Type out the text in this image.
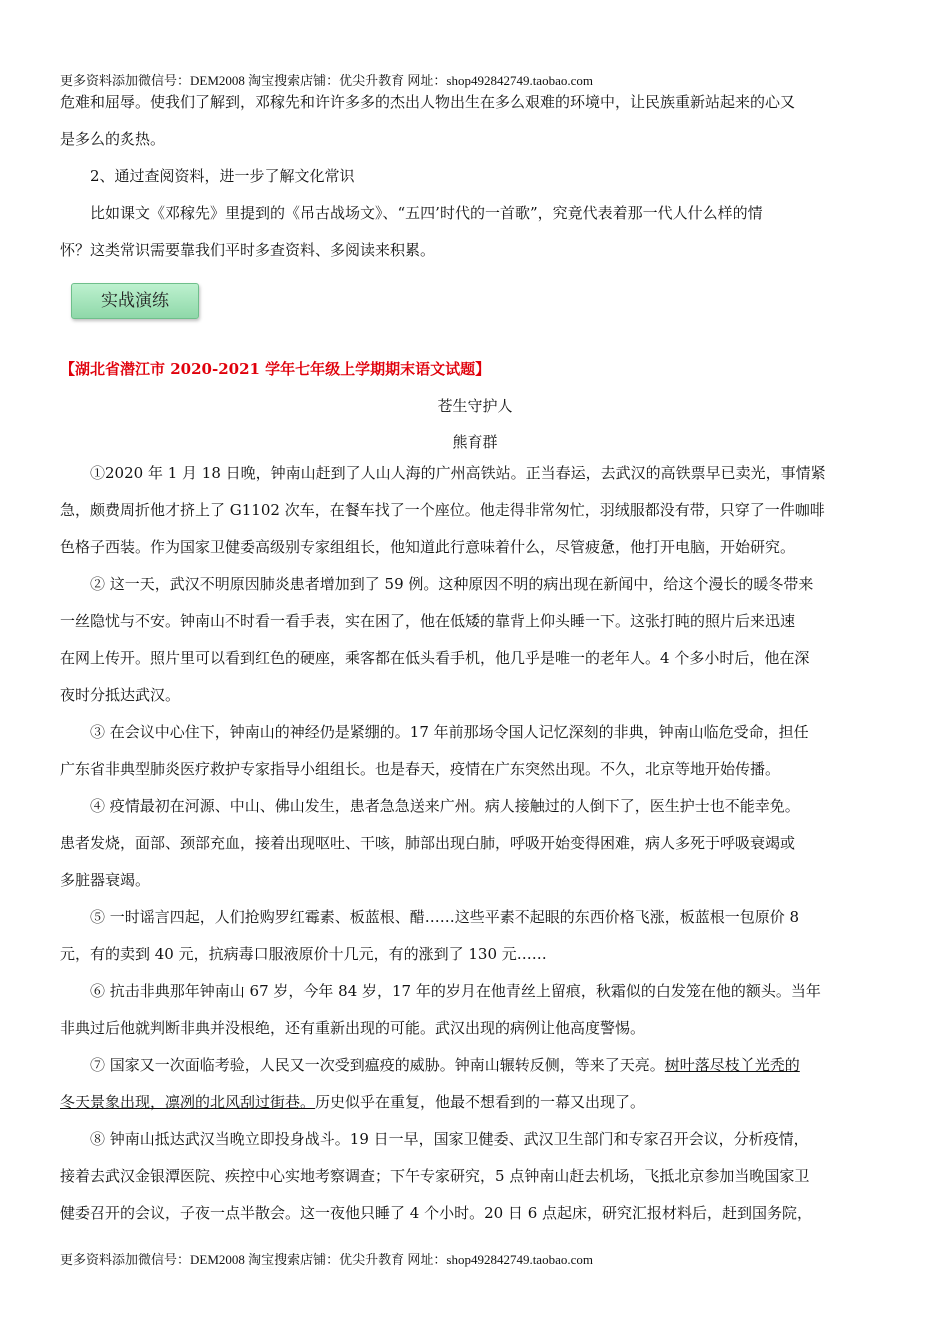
更多资料添加微信号：DEM2008 淘宝搜索店铺：优尖升教育 网址：shop492842749.taobao.com
危难和屈辱。使我们了解到，邓稼先和许许多多的杰出人物出生在多么艰难的环境中，让民族重新站起来的心又
是多么的炙热。
2、通过查阅资料，进一步了解文化常识
比如课文《邓稼先》里提到的《吊古战场文》、“五四’时代的一首歌”，究竟代表着那一代人什么样的情
怀？这类常识需要靠我们平时多查资料、多阅读来积累。
实战演练
【湖北省潜江市 2020-2021 学年七年级上学期期末语文试题】
苍生守护人
熊育群
①2020 年 1 月 18 日晚，钟南山赶到了人山人海的广州高铁站。正当春运，去武汉的高铁票早已卖光，事情紧
急，颇费周折他才挤上了 G1102 次车，在餐车找了一个座位。他走得非常匆忙，羽绒服都没有带，只穿了一件咖啡
色格子西装。作为国家卫健委高级别专家组组长，他知道此行意味着什么，尽管疲惫，他打开电脑，开始研究。
② 这一天，武汉不明原因肺炎患者增加到了 59 例。这种原因不明的病出现在新闻中，给这个漫长的暖冬带来
一丝隐忧与不安。钟南山不时看一看手表，实在困了，他在低矮的靠背上仰头睡一下。这张打盹的照片后来迅速
在网上传开。照片里可以看到红色的硬座，乘客都在低头看手机，他几乎是唯一的老年人。4 个多小时后，他在深
夜时分抵达武汉。
③ 在会议中心住下，钟南山的神经仍是紧绷的。17 年前那场令国人记忆深刻的非典，钟南山临危受命，担任
广东省非典型肺炎医疗救护专家指导小组组长。也是春天，疫情在广东突然出现。不久，北京等地开始传播。
④ 疫情最初在河源、中山、佛山发生，患者急急送来广州。病人接触过的人倒下了，医生护士也不能幸免。
患者发烧，面部、颈部充血，接着出现呕吐、干咳，肺部出现白肺，呼吸开始变得困难，病人多死于呼吸衰竭或
多脏器衰竭。
⑤ 一时谣言四起，人们抢购罗红霉素、板蓝根、醋……这些平素不起眼的东西价格飞涨，板蓝根一包原价 8
元，有的卖到 40 元，抗病毒口服液原价十几元，有的涨到了 130 元……
⑥ 抗击非典那年钟南山 67 岁，今年 84 岁，17 年的岁月在他青丝上留痕，秋霜似的白发笼在他的额头。当年
非典过后他就判断非典并没根绝，还有重新出现的可能。武汉出现的病例让他高度警惕。
⑦ 国家又一次面临考验，人民又一次受到瘟疫的威胁。钟南山辗转反侧，等来了天亮。树叶落尽枝丫光秃的
冬天景象出现，凛冽的北风刮过街巷。历史似乎在重复，他最不想看到的一幕又出现了。
⑧ 钟南山抵达武汉当晚立即投身战斗。19 日一早，国家卫健委、武汉卫生部门和专家召开会议，分析疫情，
接着去武汉金银潭医院、疾控中心实地考察调查；下午专家研究，5 点钟南山赶去机场，飞抵北京参加当晚国家卫
健委召开的会议，子夜一点半散会。这一夜他只睡了 4 个小时。20 日 6 点起床，研究汇报材料后，赶到国务院，
更多资料添加微信号：DEM2008 淘宝搜索店铺：优尖升教育 网址：shop492842749.taobao.com
